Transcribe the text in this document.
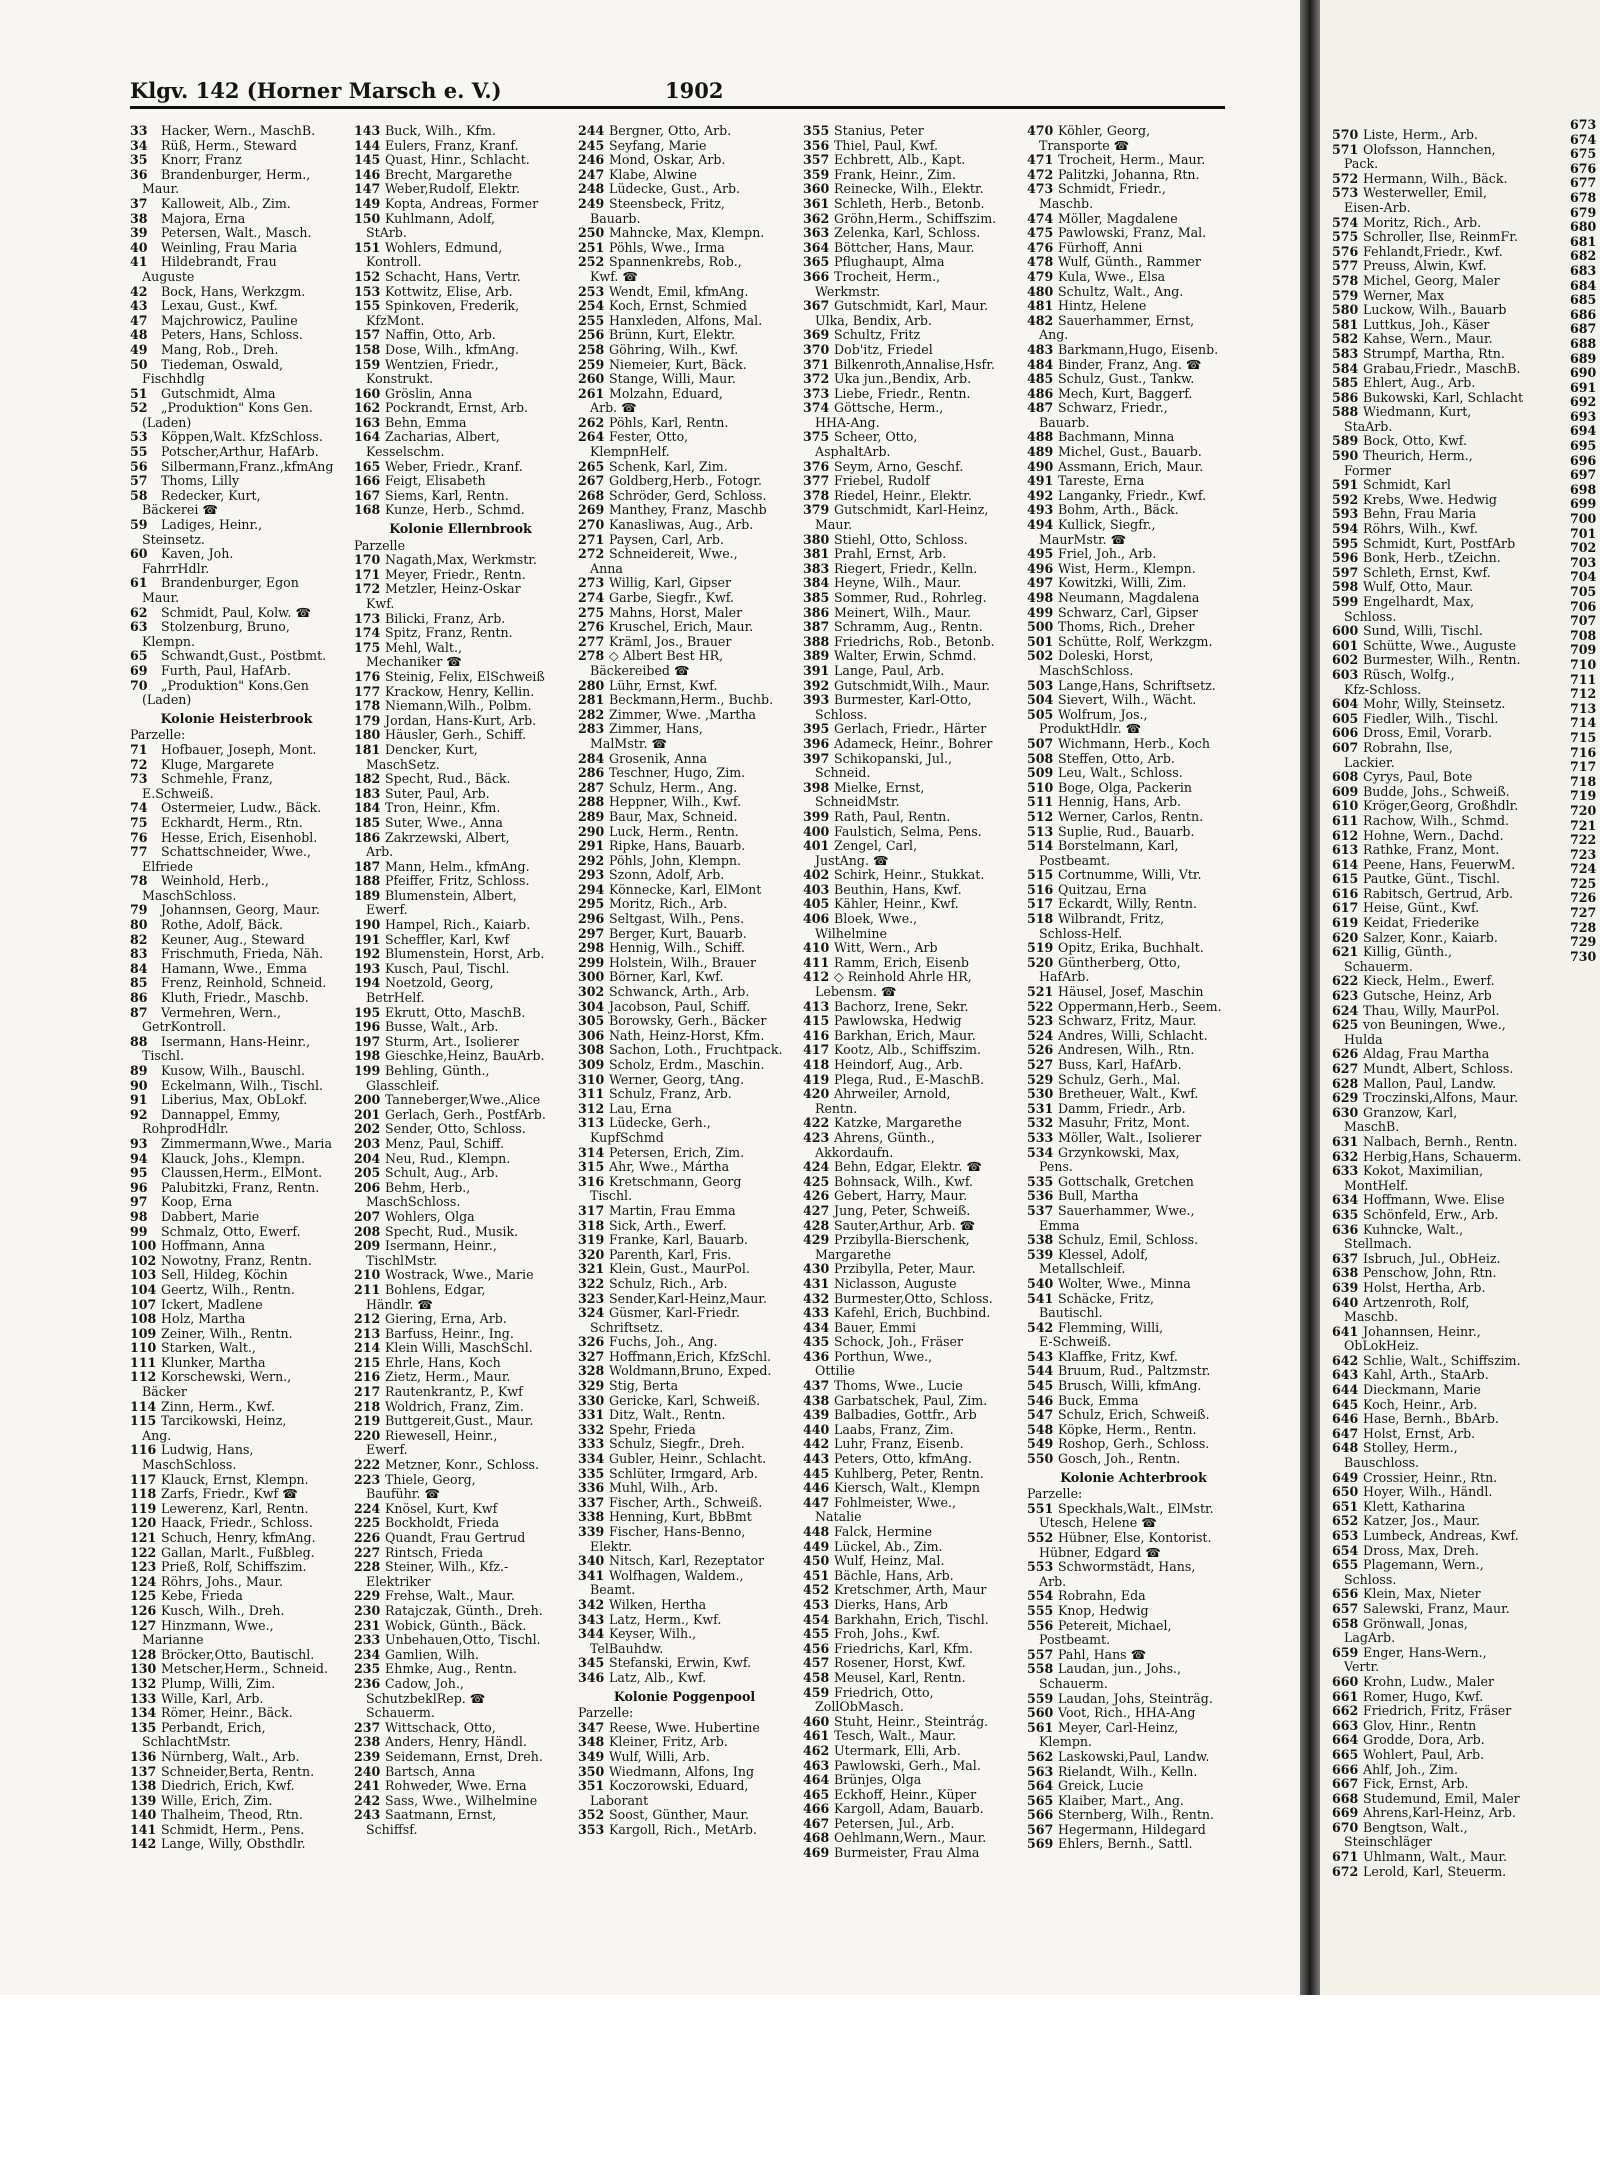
Klgv. 142 (Horner Marsch e. V.)	1902
33 Hacker, Wern., MaschB.
34 Rüß, Herm., Steward
35 Knorr, Franz
36 Brandenburger, Herm.,
Maur.
37 Kalloweit, Alb., Zim.
38 Majora, Erna
39 Petersen, Walt., Masch.
40 Weinling, Frau Maria
41 Hildebrandt, Frau
Auguste
42 Bock, Hans, Werkzgm.
43 Lexau, Gust., Kwf.
47 Majchrowicz, Pauline
48 Peters, Hans, Schloss.
49 Mang, Rob., Dreh.
50 Tiedeman, Oswald,
Fischhdlg
51 Gutschmidt, Alma
52 „Produktion" Kons Gen.
(Laden)
53 Köppen,Walt. KfzSchloss.
55 Potscher,Arthur, HafArb.
56 Silbermann,Franz.,kfmAng
57 Thoms, Lilly
58 Redecker, Kurt,
Bäckerei ☎
59 Ladiges, Heinr.,
Steinsetz.
60 Kaven, Joh.
FahrrHdlr.
61 Brandenburger, Egon
Maur.
62 Schmidt, Paul, Kolw. ☎
63 Stolzenburg, Bruno,
Klempn.
65 Schwandt,Gust., Postbmt.
69 Furth, Paul, HafArb.
70 „Produktion" Kons.Gen
(Laden)
Kolonie Heisterbrook
Parzelle:
71 Hofbauer, Joseph, Mont.
72 Kluge, Margarete
73 Schmehle, Franz,
E.Schweiß.
74 Ostermeier, Ludw., Bäck.
75 Eckhardt, Herm., Rtn.
76 Hesse, Erich, Eisenhobl.
77 Schattschneider, Wwe.,
Elfriede
78 Weinhold, Herb.,
MaschSchloss.
79 Johannsen, Georg, Maur.
80 Rothe, Adolf, Bäck.
82 Keuner, Aug., Steward
83 Frischmuth, Frieda, Näh.
84 Hamann, Wwe., Emma
85 Frenz, Reinhold, Schneid.
86 Kluth, Friedr., Maschb.
87 Vermehren, Wern.,
GetrKontroll.
88 Isermann, Hans-Heinr.,
Tischl.
89 Kusow, Wilh., Bauschl.
90 Eckelmann, Wilh., Tischl.
91 Liberius, Max, ObLokf.
92 Dannappel, Emmy,
RohprodHdlr.
93 Zimmermann,Wwe., Maria
94 Klauck, Johs., Klempn.
95 Claussen,Herm., ElMont.
96 Palubitzki, Franz, Rentn.
97 Koop, Erna
98 Dabbert, Marie
99 Schmalz, Otto, Ewerf.
100 Hoffmann, Anna
102 Nowotny, Franz, Rentn.
103 Sell, Hildeg, Köchin
104 Geertz, Wilh., Rentn.
107 Ickert, Madlene
108 Holz, Martha
109 Zeiner, Wilh., Rentn.
110 Starken, Walt.,
111 Klunker, Martha
112 Korschewski, Wern.,
Bäcker
114 Zinn, Herm., Kwf.
115 Tarcikowski, Heinz,
Ang.
116 Ludwig, Hans,
MaschSchloss.
117 Klauck, Ernst, Klempn.
118 Zarfs, Friedr., Kwf ☎
119 Lewerenz, Karl, Rentn.
120 Haack, Friedr., Schloss.
121 Schuch, Henry, kfmAng.
122 Gallan, Marlt., Fußbleg.
123 Prieß, Rolf, Schiffszim.
124 Röhrs, Johs., Maur.
125 Kebe, Frieda
126 Kusch, Wilh., Dreh.
127 Hinzmann, Wwe.,
Marianne
128 Bröcker,Otto, Bautischl.
130 Metscher,Herm., Schneid.
132 Plump, Willi, Zim.
133 Wille, Karl, Arb.
134 Römer, Heinr., Bäck.
135 Perbandt, Erich,
SchlachtMstr.
136 Nürnberg, Walt., Arb.
137 Schneider,Berta, Rentn.
138 Diedrich, Erich, Kwf.
139 Wille, Erich, Zim.
140 Thalheim, Theod, Rtn.
141 Schmidt, Herm., Pens.
142 Lange, Willy, Obsthdlr.
143 Buck, Wilh., Kfm.
144 Eulers, Franz, Kranf.
145 Quast, Hinr., Schlacht.
146 Brecht, Margarethe
147 Weber,Rudolf, Elektr.
149 Kopta, Andreas, Former
150 Kuhlmann, Adolf,
StArb.
151 Wohlers, Edmund,
Kontroll.
152 Schacht, Hans, Vertr.
153 Kottwitz, Elise, Arb.
155 Spinkoven, Frederik,
KfzMont.
157 Naffin, Otto, Arb.
158 Dose, Wilh., kfmAng.
159 Wentzien, Friedr.,
Konstrukt.
160 Gröslin, Anna
162 Pockrandt, Ernst, Arb.
163 Behn, Emma
164 Zacharias, Albert,
Kesselschm.
165 Weber, Friedr., Kranf.
166 Feigt, Elisabeth
167 Siems, Karl, Rentn.
168 Kunze, Herb., Schmd.
Kolonie Ellernbrook
Parzelle
170 Nagath,Max, Werkmstr.
171 Meyer, Friedr., Rentn.
172 Metzler, Heinz-Oskar
Kwf.
173 Bilicki, Franz, Arb.
174 Spitz, Franz, Rentn.
175 Mehl, Walt.,
Mechaniker ☎
176 Steinig, Felix, ElSchweiß
177 Krackow, Henry, Kellin.
178 Niemann,Wilh., Polbm.
179 Jordan, Hans-Kurt, Arb.
180 Häusler, Gerh., Schiff.
181 Dencker, Kurt,
MaschSetz.
182 Specht, Rud., Bäck.
183 Suter, Paul, Arb.
184 Tron, Heinr., Kfm.
185 Suter, Wwe., Anna
186 Zakrzewski, Albert,
Arb.
187 Mann, Helm., kfmAng.
188 Pfeiffer, Fritz, Schloss.
189 Blumenstein, Albert,
Ewerf.
190 Hampel, Rich., Kaiarb.
191 Scheffler, Karl, Kwf
192 Blumenstein, Horst, Arb.
193 Kusch, Paul, Tischl.
194 Noetzold, Georg,
BetrHelf.
195 Ekrutt, Otto, MaschB.
196 Busse, Walt., Arb.
197 Sturm, Art., Isolierer
198 Gieschke,Heinz, BauArb.
199 Behling, Günth.,
Glasschleif.
200 Tanneberger,Wwe.,Alice
201 Gerlach, Gerh., PostfArb.
202 Sender, Otto, Schloss.
203 Menz, Paul, Schiff.
204 Neu, Rud., Klempn.
205 Schult, Aug., Arb.
206 Behm, Herb.,
MaschSchloss.
207 Wohlers, Olga
208 Specht, Rud., Musik.
209 Isermann, Heinr.,
TischlMstr.
210 Wostrack, Wwe., Marie
211 Bohlens, Edgar,
Händlr. ☎
212 Giering, Erna, Arb.
213 Barfuss, Heinr., Ing.
214 Klein Willi, MaschSchl.
215 Ehrle, Hans, Koch
216 Zietz, Herm., Maur.
217 Rautenkrantz, P., Kwf
218 Woldrich, Franz, Zim.
219 Buttgereit,Gust., Maur.
220 Riewesell, Heinr.,
Ewerf.
222 Metzner, Konr., Schloss.
223 Thiele, Georg,
Bauführ. ☎
224 Knösel, Kurt, Kwf
225 Bockholdt, Frieda
226 Quandt, Frau Gertrud
227 Rintsch, Frieda
228 Steiner, Wilh., Kfz.-
Elektriker
229 Frehse, Walt., Maur.
230 Ratajczak, Günth., Dreh.
231 Wobick, Günth., Bäck.
233 Unbehauen,Otto, Tischl.
234 Gamlien, Wilh.
235 Ehmke, Aug., Rentn.
236 Cadow, Joh.,
SchutzbeklRep. ☎
Schauerm.
237 Wittschack, Otto,
238 Anders, Henry, Händl.
239 Seidemann, Ernst, Dreh.
240 Bartsch, Anna
241 Rohweder, Wwe. Erna
242 Sass, Wwe., Wilhelmine
243 Saatmann, Ernst,
Schiffsf.
244 Bergner, Otto, Arb.
245 Seyfang, Marie
246 Mond, Oskar, Arb.
247 Klabe, Alwine
248 Lüdecke, Gust., Arb.
249 Steensbeck, Fritz,
Bauarb.
250 Mahncke, Max, Klempn.
251 Pöhls, Wwe., Irma
252 Spannenkrebs, Rob.,
Kwf. ☎
253 Wendt, Emil, kfmAng.
254 Koch, Ernst, Schmied
255 Hanxleden, Alfons, Mal.
256 Brünn, Kurt, Elektr.
258 Göhring, Wilh., Kwf.
259 Niemeier, Kurt, Bäck.
260 Stange, Willi, Maur.
261 Molzahn, Eduard,
Arb. ☎
262 Pöhls, Karl, Rentn.
264 Fester, Otto,
KlempnHelf.
265 Schenk, Karl, Zim.
267 Goldberg,Herb., Fotogr.
268 Schröder, Gerd, Schloss.
269 Manthey, Franz, Maschb
270 Kanasliwas, Aug., Arb.
271 Paysen, Carl, Arb.
272 Schneidereit, Wwe.,
Anna
273 Willig, Karl, Gipser
274 Garbe, Siegfr., Kwf.
275 Mahns, Horst, Maler
276 Kruschel, Erich, Maur.
277 Kräml, Jos., Brauer
278 ◇ Albert Best HR,
Bäckereibed ☎
280 Lühr, Ernst, Kwf.
281 Beckmann,Herm., Buchb.
282 Zimmer, Wwe. ,Martha
283 Zimmer, Hans,
MalMstr. ☎
284 Grosenik, Anna
286 Teschner, Hugo, Zim.
287 Schulz, Herm., Ang.
288 Heppner, Wilh., Kwf.
289 Baur, Max, Schneid.
290 Luck, Herm., Rentn.
291 Ripke, Hans, Bauarb.
292 Pöhls, John, Klempn.
293 Szonn, Adolf, Arb.
294 Könnecke, Karl, ElMont
295 Moritz, Rich., Arb.
296 Seltgast, Wilh., Pens.
297 Berger, Kurt, Bauarb.
298 Hennig, Wilh., Schiff.
299 Holstein, Wilh., Brauer
300 Börner, Karl, Kwf.
302 Schwanck, Arth., Arb.
304 Jacobson, Paul, Schiff.
305 Borowsky, Gerh., Bäcker
306 Nath, Heinz-Horst, Kfm.
308 Sachon, Loth., Fruchtpack.
309 Scholz, Erdm., Maschin.
310 Werner, Georg, tAng.
311 Schulz, Franz, Arb.
312 Lau, Erna
313 Lüdecke, Gerh.,
KupfSchmd
314 Petersen, Erich, Zim.
315 Ahr, Wwe., Mártha
316 Kretschmann, Georg
Tischl.
317 Martin, Frau Emma
318 Sick, Arth., Ewerf.
319 Franke, Karl, Bauarb.
320 Parenth, Karl, Fris.
321 Klein, Gust., MaurPol.
322 Schulz, Rich., Arb.
323 Sender,Karl-Heinz,Maur.
324 Güsmer, Karl-Friedr.
Schriftsetz.
326 Fuchs, Joh., Ang.
327 Hoffmann,Erich, KfzSchl.
328 Woldmann,Bruno, Exped.
329 Stig, Berta
330 Gericke, Karl, Schweiß.
331 Ditz, Walt., Rentn.
332 Spehr, Frieda
333 Schulz, Siegfr., Dreh.
334 Gubler, Heinr., Schlacht.
335 Schlüter, Irmgard, Arb.
336 Muhl, Wilh., Arb.
337 Fischer, Arth., Schweiß.
338 Henning, Kurt, BbBmt
339 Fischer, Hans-Benno,
Elektr.
340 Nitsch, Karl, Rezeptator
341 Wolfhagen, Waldem.,
Beamt.
342 Wilken, Hertha
343 Latz, Herm., Kwf.
344 Keyser, Wilh.,
TelBauhdw.
345 Stefanski, Erwin, Kwf.
346 Latz, Alb., Kwf.
Kolonie Poggenpool
Parzelle:
347 Reese, Wwe. Hubertine
348 Kleiner, Fritz, Arb.
349 Wulf, Willi, Arb.
350 Wiedmann, Alfons, Ing
351 Koczorowski, Eduard,
Laborant
352 Soost, Günther, Maur.
353 Kargoll, Rich., MetArb.
355 Stanius, Peter
356 Thiel, Paul, Kwf.
357 Echbrett, Alb., Kapt.
359 Frank, Heinr., Zim.
360 Reinecke, Wilh., Elektr.
361 Schleth, Herb., Betonb.
362 Gröhn,Herm., Schiffszim.
363 Zelenka, Karl, Schloss.
364 Böttcher, Hans, Maur.
365 Pflughaupt, Alma
366 Trocheit, Herm.,
Werkmstr.
367 Gutschmidt, Karl, Maur.
Ulka, Bendix, Arb.
369 Schultz, Fritz
370 Dob'itz, Friedel
371 Bilkenroth,Annalise,Hsfr.
372 Uka jun.,Bendix, Arb.
373 Liebe, Friedr., Rentn.
374 Göttsche, Herm.,
HHA-Ang.
375 Scheer, Otto,
AsphaltArb.
376 Seym, Arno, Geschf.
377 Friebel, Rudolf
378 Riedel, Heinr., Elektr.
379 Gutschmidt, Karl-Heinz,
Maur.
380 Stiehl, Otto, Schloss.
381 Prahl, Ernst, Arb.
383 Riegert, Friedr., Kelln.
384 Heyne, Wilh., Maur.
385 Sommer, Rud., Rohrleg.
386 Meinert, Wilh., Maur.
387 Schramm, Aug., Rentn.
388 Friedrichs, Rob., Betonb.
389 Walter, Erwin, Schmd.
391 Lange, Paul, Arb.
392 Gutschmidt,Wilh., Maur.
393 Burmester, Karl-Otto,
Schloss.
395 Gerlach, Friedr., Härter
396 Adameck, Heinr., Bohrer
397 Schikopanski, Jul.,
Schneid.
398 Mielke, Ernst,
SchneidMstr.
399 Rath, Paul, Rentn.
400 Faulstich, Selma, Pens.
401 Zengel, Carl,
JustAng. ☎
402 Schirk, Heinr., Stukkat.
403 Beuthin, Hans, Kwf.
405 Kähler, Heinr., Kwf.
406 Bloek, Wwe.,
Wilhelmine
410 Witt, Wern., Arb
411 Ramm, Erich, Eisenb
412 ◇ Reinhold Ahrle HR,
Lebensm. ☎
413 Bachorz, Irene, Sekr.
415 Pawlowska, Hedwig
416 Barkhan, Erich, Maur.
417 Kootz, Alb., Schiffszim.
418 Heindorf, Aug., Arb.
419 Plega, Rud., E-MaschB.
420 Ahrweiler, Arnold,
Rentn.
422 Katzke, Margarethe
423 Ahrens, Günth.,
Akkordaufn.
424 Behn, Edgar, Elektr. ☎
425 Bohnsack, Wilh., Kwf.
426 Gebert, Harry, Maur.
427 Jung, Peter, Schweiß.
428 Sauter,Arthur, Arb. ☎
429 Przibylla-Bierschenk,
Margarethe
430 Przibylla, Peter, Maur.
431 Niclasson, Auguste
432 Burmester,Otto, Schloss.
433 Kafehl, Erich, Buchbind.
434 Bauer, Emmi
435 Schock, Joh., Fräser
436 Porthun, Wwe.,
Ottilie
437 Thoms, Wwe., Lucie
438 Garbatschek, Paul, Zim.
439 Balbadies, Gottfr., Arb
440 Laabs, Franz, Zim.
442 Luhr, Franz, Eisenb.
443 Peters, Otto, kfmAng.
445 Kuhlberg, Peter, Rentn.
446 Kiersch, Walt., Klempn
447 Fohlmeister, Wwe.,
Natalie
448 Falck, Hermine
449 Lückel, Ab., Zim.
450 Wulf, Heinz, Mal.
451 Bächle, Hans, Arb.
452 Kretschmer, Arth, Maur
453 Dierks, Hans, Arb
454 Barkhahn, Erich, Tischl.
455 Froh, Johs., Kwf.
456 Friedrichs, Karl, Kfm.
457 Rosener, Horst, Kwf.
458 Meusel, Karl, Rentn.
459 Friedrich, Otto,
ZollObMasch.
460 Stuht, Heinr., Steintrág.
461 Tesch, Walt., Maur.
462 Utermark, Elli, Arb.
463 Pawlowski, Gerh., Mal.
464 Brünjes, Olga
465 Eckhoff, Heinr., Küper
466 Kargoll, Adam, Bauarb.
467 Petersen, Jul., Arb.
468 Oehlmann,Wern., Maur.
469 Burmeister, Frau Alma
470 Köhler, Georg,
Transporte ☎
471 Trocheit, Herm., Maur.
472 Palitzki, Johanna, Rtn.
473 Schmidt, Friedr.,
Maschb.
474 Möller, Magdalene
475 Pawlowski, Franz, Mal.
476 Fürhoff, Anni
478 Wulf, Günth., Rammer
479 Kula, Wwe., Elsa
480 Schultz, Walt., Ang.
481 Hintz, Helene
482 Sauerhammer, Ernst,
Ang.
483 Barkmann,Hugo, Eisenb.
484 Binder, Franz, Ang. ☎
485 Schulz, Gust., Tankw.
486 Mech, Kurt, Baggerf.
487 Schwarz, Friedr.,
Bauarb.
488 Bachmann, Minna
489 Michel, Gust., Bauarb.
490 Assmann, Erich, Maur.
491 Tareste, Erna
492 Langanky, Friedr., Kwf.
493 Bohm, Arth., Bäck.
494 Kullick, Siegfr.,
MaurMstr. ☎
495 Friel, Joh., Arb.
496 Wist, Herm., Klempn.
497 Kowitzki, Willi, Zim.
498 Neumann, Magdalena
499 Schwarz, Carl, Gipser
500 Thoms, Rich., Dreher
501 Schütte, Rolf, Werkzgm.
502 Doleski, Horst,
MaschSchloss.
503 Lange,Hans, Schriftsetz.
504 Sievert, Wilh., Wächt.
505 Wolfrum, Jos.,
ProduktHdlr. ☎
507 Wichmann, Herb., Koch
508 Steffen, Otto, Arb.
509 Leu, Walt., Schloss.
510 Boge, Olga, Packerin
511 Hennig, Hans, Arb.
512 Werner, Carlos, Rentn.
513 Suplie, Rud., Bauarb.
514 Borstelmann, Karl,
Postbeamt.
515 Cortnumme, Willi, Vtr.
516 Quitzau, Erna
517 Eckardt, Willy, Rentn.
518 Wilbrandt, Fritz,
Schloss-Helf.
519 Opitz, Erika, Buchhalt.
520 Güntherberg, Otto,
HafArb.
521 Häusel, Josef, Maschin
522 Oppermann,Herb., Seem.
523 Schwarz, Fritz, Maur.
524 Andres, Willi, Schlacht.
526 Andresen, Wilh., Rtn.
527 Buss, Karl, HafArb.
529 Schulz, Gerh., Mal.
530 Bretheuer, Walt., Kwf.
531 Damm, Friedr., Arb.
532 Masuhr, Fritz, Mont.
533 Möller, Walt., Isolierer
534 Grzynkowski, Max,
Pens.
535 Gottschalk, Gretchen
536 Bull, Martha
537 Sauerhammer, Wwe.,
Emma
538 Schulz, Emil, Schloss.
539 Klessel, Adolf,
Metallschleif.
540 Wolter, Wwe., Minna
541 Schäcke, Fritz,
Bautischl.
542 Flemming, Willi,
E-Schweiß.
543 Klaffke, Fritz, Kwf.
544 Bruum, Rud., Paltzmstr.
545 Brusch, Willi, kfmAng.
546 Buck, Emma
547 Schulz, Erich, Schweiß.
548 Köpke, Herm., Rentn.
549 Roshop, Gerh., Schloss.
550 Gosch, Joh., Rentn.
Kolonie Achterbrook
Parzelle:
551 Speckhals,Walt., ElMstr.
Utesch, Helene ☎
552 Hübner, Else, Kontorist.
Hübner, Edgard ☎
553 Schwormstädt, Hans,
Arb.
554 Robrahn, Eda
555 Knop, Hedwig
556 Petereit, Michael,
Postbeamt.
557 Pahl, Hans ☎
558 Laudan, jun., Johs.,
Schauerm.
559 Laudan, Johs, Steinträg.
560 Voot, Rich., HHA-Ang
561 Meyer, Carl-Heinz,
Klempn.
562 Laskowski,Paul, Landw.
563 Rielandt, Wilh., Kelln.
564 Greick, Lucie
565 Klaiber, Mart., Ang.
566 Sternberg, Wilh., Rentn.
567 Hegermann, Hildegard
569 Ehlers, Bernh., Sattl.
570 Liste, Herm., Arb.
571 Olofsson, Hannchen,
Pack.
572 Hermann, Wilh., Bäck.
573 Westerweller, Emil,
Eisen-Arb.
574 Moritz, Rich., Arb.
575 Schroller, Ilse, ReinmFr.
576 Fehlandt,Friedr., Kwf.
577 Preuss, Alwin, Kwf.
578 Michel, Georg, Maler
579 Werner, Max
580 Luckow, Wilh., Bauarb
581 Luttkus, Joh., Käser
582 Kahse, Wern., Maur.
583 Strumpf, Martha, Rtn.
584 Grabau,Friedr., MaschB.
585 Ehlert, Aug., Arb.
586 Bukowski, Karl, Schlacht
588 Wiedmann, Kurt,
StaArb.
589 Bock, Otto, Kwf.
590 Theurich, Herm.,
Former
591 Schmidt, Karl
592 Krebs, Wwe. Hedwig
593 Behn, Frau Maria
594 Röhrs, Wilh., Kwf.
595 Schmidt, Kurt, PostfArb
596 Bonk, Herb., tZeichn.
597 Schleth, Ernst, Kwf.
598 Wulf, Otto, Maur.
599 Engelhardt, Max,
Schloss.
600 Sund, Willi, Tischl.
601 Schütte, Wwe., Auguste
602 Burmester, Wilh., Rentn.
603 Rüsch, Wolfg.,
Kfz-Schloss.
604 Mohr, Willy, Steinsetz.
605 Fiedler, Wilh., Tischl.
606 Dross, Emil, Vorarb.
607 Robrahn, Ilse,
Lackier.
608 Cyrys, Paul, Bote
609 Budde, Johs., Schweiß.
610 Kröger,Georg, Großhdlr.
611 Rachow, Wilh., Schmd.
612 Hohne, Wern., Dachd.
613 Rathke, Franz, Mont.
614 Peene, Hans, FeuerwM.
615 Pautke, Günt., Tischl.
616 Rabitsch, Gertrud, Arb.
617 Heise, Günt., Kwf.
619 Keidat, Friederike
620 Salzer, Konr., Kaiarb.
621 Killig, Günth.,
Schauerm.
622 Kieck, Helm., Ewerf.
623 Gutsche, Heinz, Arb
624 Thau, Willy, MaurPol.
625 von Beuningen, Wwe.,
Hulda
626 Aldag, Frau Martha
627 Mundt, Albert, Schloss.
628 Mallon, Paul, Landw.
629 Troczinski,Alfons, Maur.
630 Granzow, Karl,
MaschB.
631 Nalbach, Bernh., Rentn.
632 Herbig,Hans, Schauerm.
633 Kokot, Maximilian,
MontHelf.
634 Hoffmann, Wwe. Elise
635 Schönfeld, Erw., Arb.
636 Kuhncke, Walt.,
Stellmach.
637 Isbruch, Jul., ObHeiz.
638 Penschow, John, Rtn.
639 Holst, Hertha, Arb.
640 Artzenroth, Rolf,
Maschb.
641 Johannsen, Heinr.,
ObLokHeiz.
642 Schlie, Walt., Schiffszim.
643 Kahl, Arth., StaArb.
644 Dieckmann, Marie
645 Koch, Heinr., Arb.
646 Hase, Bernh., BbArb.
647 Holst, Ernst, Arb.
648 Stolley, Herm.,
Bauschloss.
649 Crossier, Heinr., Rtn.
650 Hoyer, Wilh., Händl.
651 Klett, Katharina
652 Katzer, Jos., Maur.
653 Lumbeck, Andreas, Kwf.
654 Dross, Max, Dreh.
655 Plagemann, Wern.,
Schloss.
656 Klein, Max, Nieter
657 Salewski, Franz, Maur.
658 Grönwall, Jonas,
LagArb.
659 Enger, Hans-Wern.,
Vertr.
660 Krohn, Ludw., Maler
661 Romer, Hugo, Kwf.
662 Friedrich, Fritz, Fräser
663 Glov, Hinr., Rentn
664 Grodde, Dora, Arb.
665 Wohlert, Paul, Arb.
666 Ahlf, Joh., Zim.
667 Fick, Ernst, Arb.
668 Studemund, Emil, Maler
669 Ahrens,Karl-Heinz, Arb.
670 Bengtson, Walt.,
Steinschläger
671 Uhlmann, Walt., Maur.
672 Lerold, Karl, Steuerm.
673
674
675
676
677
678
679
680
681
682
683
684
685
686
687
688
689
690
691
692
693
694
695
696
697
698
699
700
701
702
703
704
705
706
707
708
709
710
711
712
713
714
715
716
717
718
719
720
721
722
723
724
725
726
727
728
729
730
